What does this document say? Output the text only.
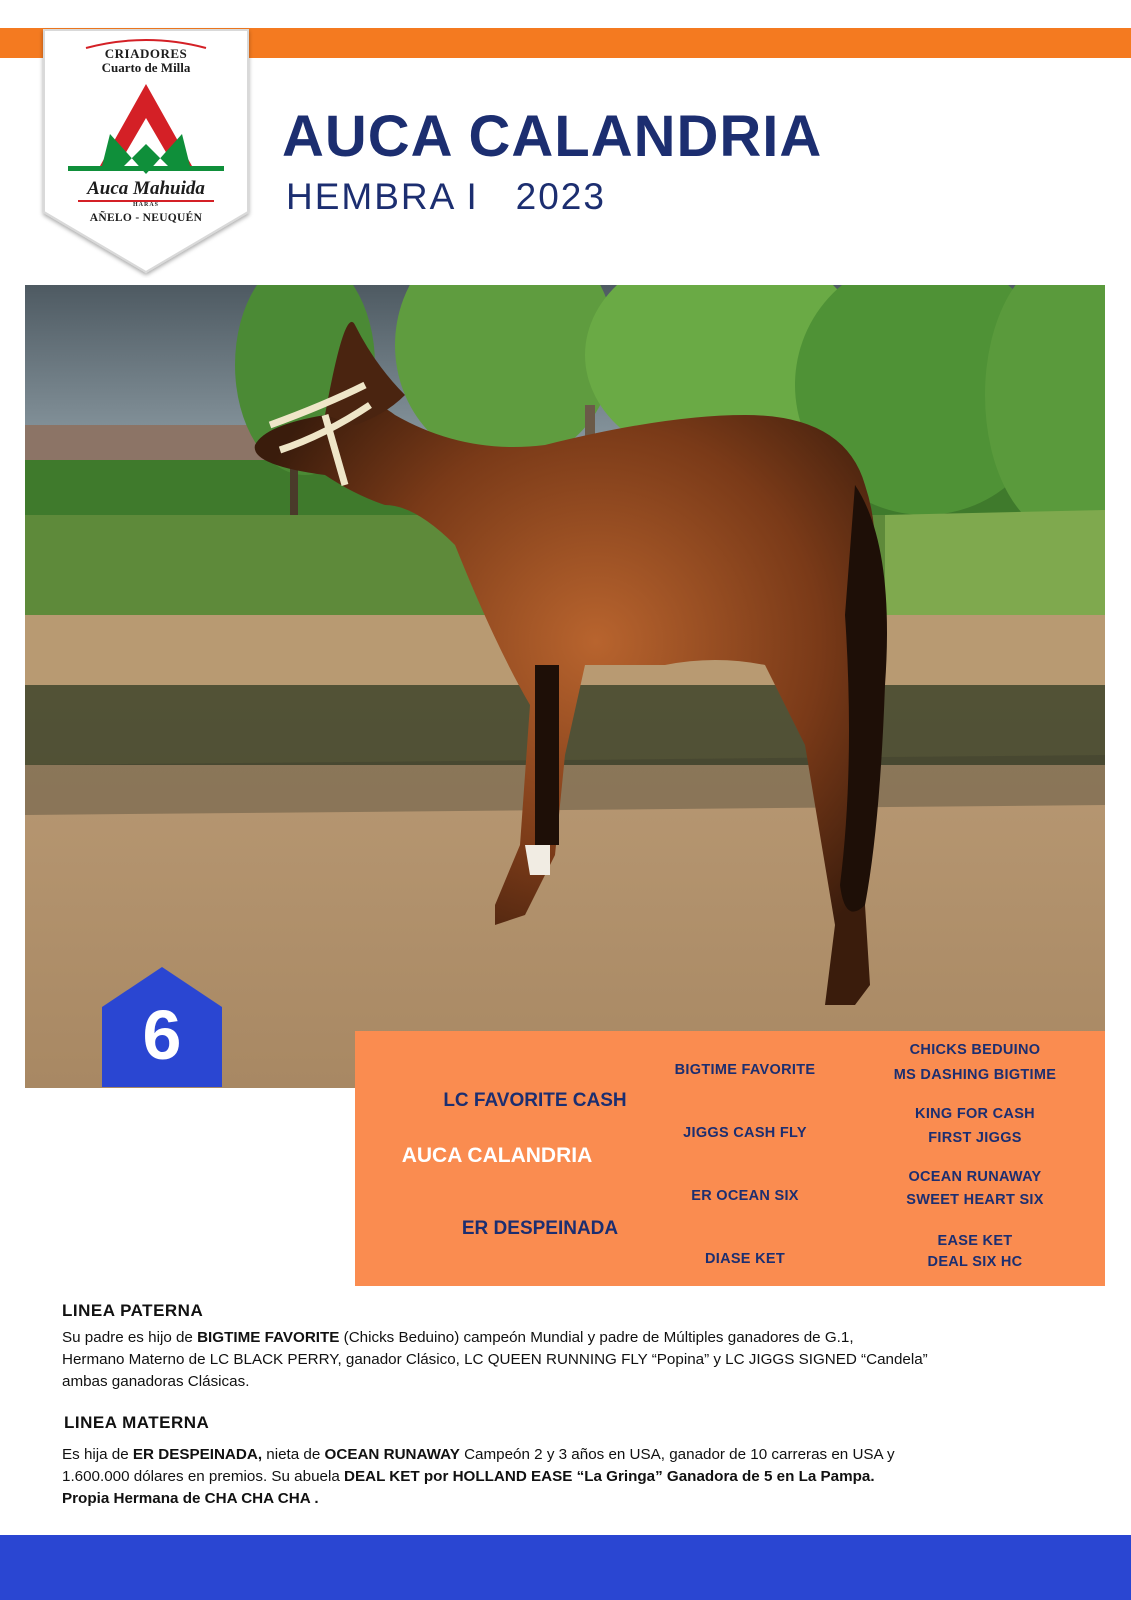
CRIADORES
Cuarto de Milla
Auca Mahuida
HARAS
AÑELO - NEUQUÉN
AUCA CALANDRIA
HEMBRA I   2023
6
LC FAVORITE CASH
AUCA CALANDRIA
ER DESPEINADA
BIGTIME FAVORITE
JIGGS CASH FLY
ER OCEAN SIX
DIASE KET
CHICKS BEDUINO
MS DASHING BIGTIME
KING FOR CASH
FIRST JIGGS
OCEAN RUNAWAY
SWEET HEART SIX
EASE KET
DEAL SIX HC
LINEA PATERNA
Su padre es hijo de BIGTIME FAVORITE (Chicks Beduino) campeón Mundial y padre de Múltiples ganadores de G.1,
Hermano Materno de LC BLACK PERRY, ganador Clásico, LC QUEEN RUNNING FLY “Popina” y LC JIGGS SIGNED “Candela”
ambas ganadoras Clásicas.
LINEA MATERNA
Es hija de ER DESPEINADA, nieta de OCEAN RUNAWAY Campeón 2 y 3 años en USA, ganador de 10 carreras en USA y
1.600.000 dólares en premios. Su abuela DEAL KET por HOLLAND EASE “La Gringa” Ganadora de 5 en La Pampa.
Propia Hermana de CHA CHA CHA .
